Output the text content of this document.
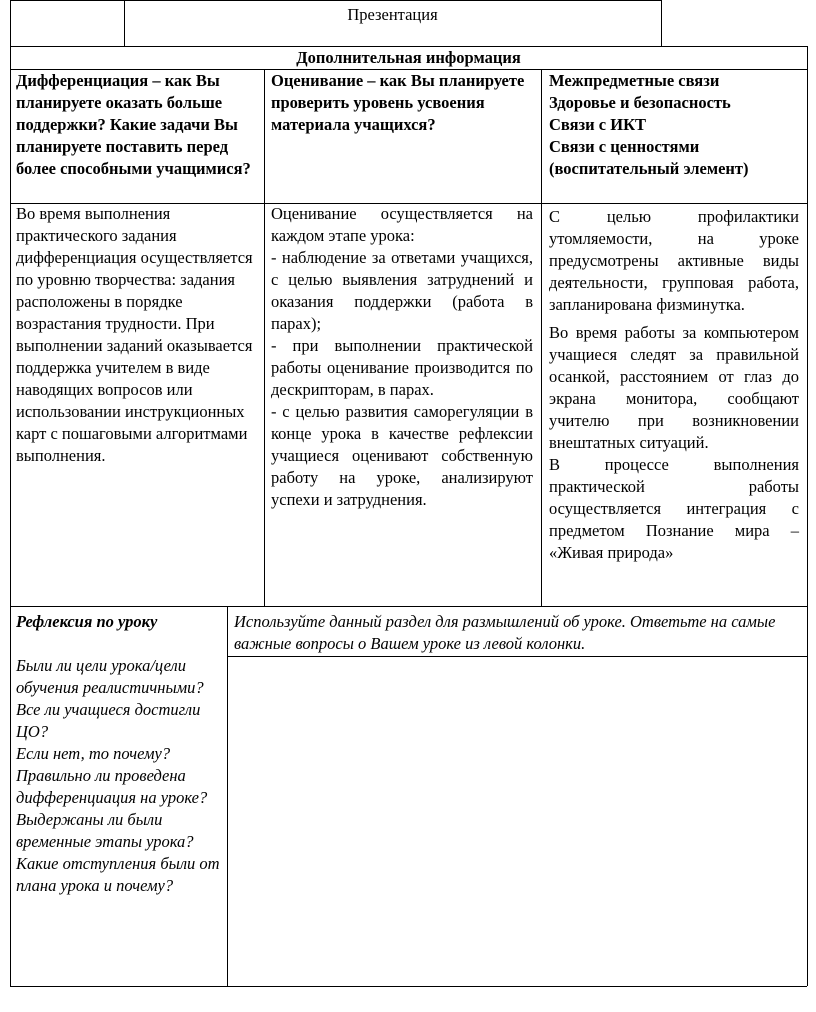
Презентация
Дополнительная информация
Дифференциация – как Вы планируете оказать больше поддержки? Какие задачи Вы планируете поставить перед более способными учащимися?
Оценивание – как Вы планируете проверить уровень усвоения материала учащихся?

Межпредметные связи

Здоровье и безопасность

Связи с ИКТ

Связи с ценностями (воспитательный элемент)

Во время выполнения практического задания дифференциация осуществляется по уровню творчества: задания расположены в порядке возрастания трудности. При выполнении заданий оказывается поддержка учителем в виде наводящих вопросов или использовании инструкционных карт с пошаговыми алгоритмами выполнения.

Оценивание осуществляется на каждом этапе урока:

- наблюдение за ответами учащихся, с целью выявления затруднений и оказания поддержки (работа в парах);

- при выполнении практической работы оценивание производится по дескрипторам, в парах.

- с целью развития саморегуляции в конце урока в качестве рефлексии учащиеся оценивают собственную работу на уроке, анализируют успехи и затруднения.

С целью профилактики утомляемости, на уроке предусмотрены активные виды деятельности, групповая работа, запланирована физминутка.

Во время работы за компьютером учащиеся следят за правильной осанкой, расстоянием от глаз до экрана монитора, сообщают учителю при возникновении внештатных ситуаций.

В процессе выполнения практической работы осуществляется интеграция с предметом Познание мира – «Живая природа»

Рефлексия по уроку	Используйте данный раздел для размышлений об уроке. Ответьте на самые важные вопросы о Вашем уроке из левой колонки.

Были ли цели урока/цели обучения реалистичными?

Все ли учащиеся достигли ЦО?

Если нет, то почему?

Правильно ли проведена дифференциация на уроке?

Выдержаны ли были временные этапы урока?

Какие отступления были от плана урока и почему?
